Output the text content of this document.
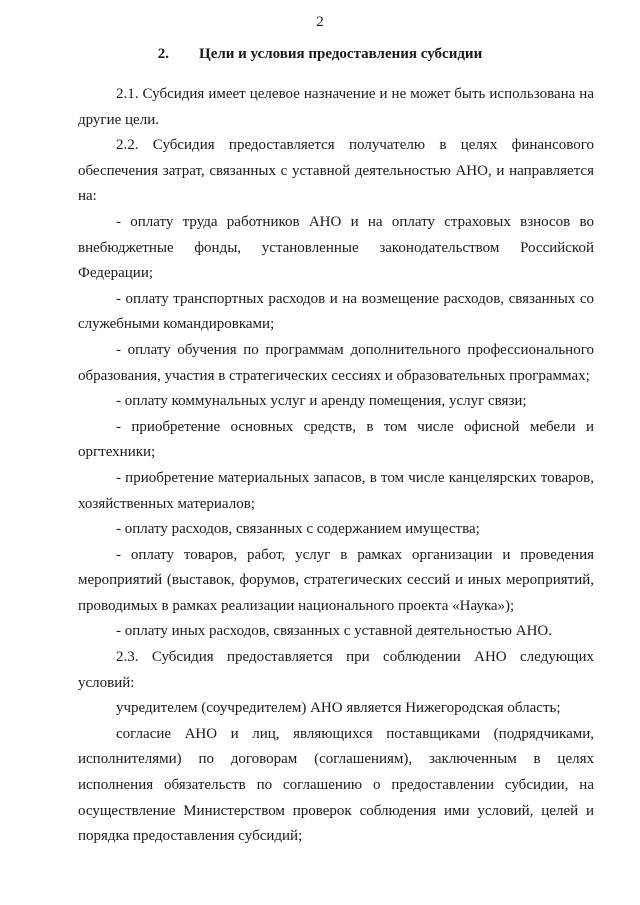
2
2. Цели и условия предоставления субсидии

2.1. Субсидия имеет целевое назначение и не может быть использована на другие цели.

2.2. Субсидия предоставляется получателю в целях финансового обеспечения затрат, связанных с уставной деятельностью АНО, и направляется на:

- оплату труда работников АНО и на оплату страховых взносов во внебюджетные фонды, установленные законодательством Российской Федерации;

- оплату транспортных расходов и на возмещение расходов, связанных со служебными командировками;

- оплату обучения по программам дополнительного профессионального образования, участия в стратегических сессиях и образовательных программах;

- оплату коммунальных услуг и аренду помещения, услуг связи;

- приобретение основных средств, в том числе офисной мебели и оргтехники;

- приобретение материальных запасов, в том числе канцелярских товаров, хозяйственных материалов;

- оплату расходов, связанных с содержанием имущества;

- оплату товаров, работ, услуг в рамках организации и проведения мероприятий (выставок, форумов, стратегических сессий и иных мероприятий, проводимых в рамках реализации национального проекта «Наука»);

- оплату иных расходов, связанных с уставной деятельностью АНО.

2.3. Субсидия предоставляется при соблюдении АНО следующих условий:

учредителем (соучредителем) АНО является Нижегородская область;

согласие АНО и лиц, являющихся поставщиками (подрядчиками, исполнителями) по договорам (соглашениям), заключенным в целях исполнения обязательств по соглашению о предоставлении субсидии, на осуществление Министерством проверок соблюдения ими условий, целей и порядка предоставления субсидий;
